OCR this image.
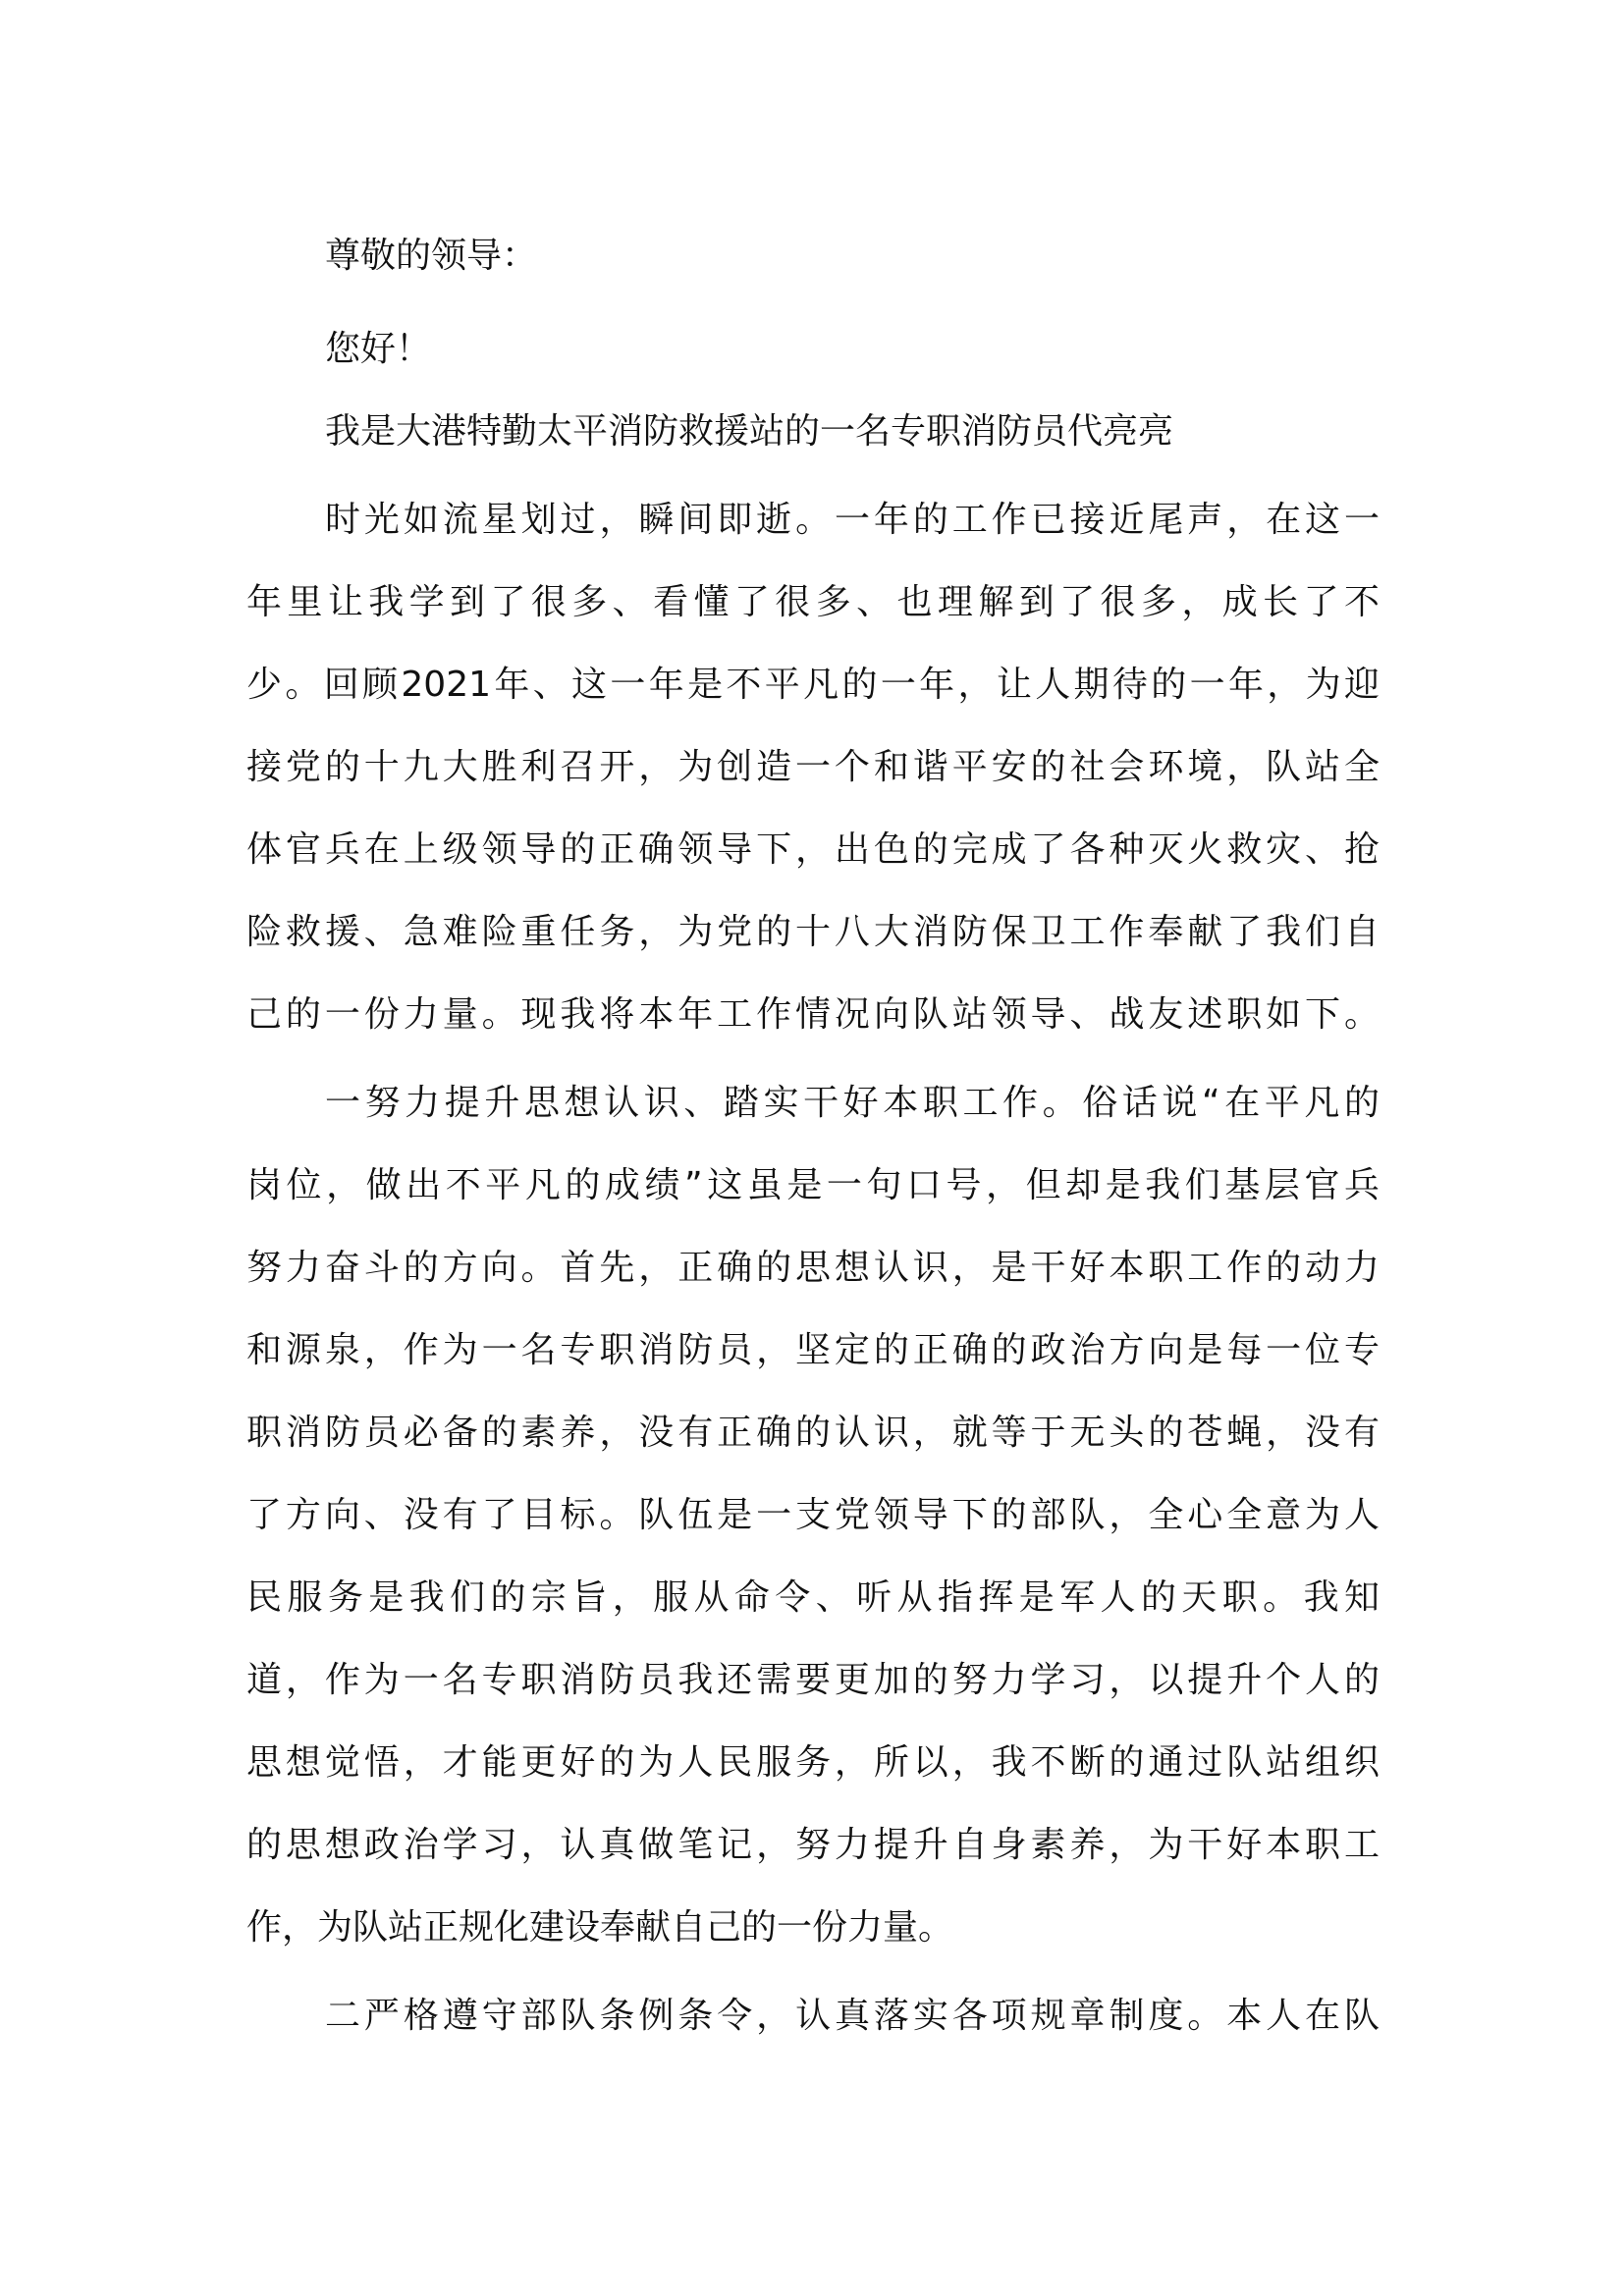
尊敬的领导：

您好！

我是大港特勤太平消防救援站的一名专职消防员代亮亮

时光如流星划过，瞬间即逝。一年的工作已接近尾声，在这一

年里让我学到了很多、看懂了很多、也理解到了很多，成长了不

少。回顾2021年、这一年是不平凡的一年，让人期待的一年，为迎

接党的十九大胜利召开，为创造一个和谐平安的社会环境，队站全

体官兵在上级领导的正确领导下，出色的完成了各种灭火救灾、抢

险救援、急难险重任务，为党的十八大消防保卫工作奉献了我们自

己的一份力量。现我将本年工作情况向队站领导、战友述职如下。

一努力提升思想认识、踏实干好本职工作。俗话说“在平凡的

岗位，做出不平凡的成绩”这虽是一句口号，但却是我们基层官兵

努力奋斗的方向。首先，正确的思想认识，是干好本职工作的动力

和源泉，作为一名专职消防员，坚定的正确的政治方向是每一位专

职消防员必备的素养，没有正确的认识，就等于无头的苍蝇，没有

了方向、没有了目标。队伍是一支党领导下的部队，全心全意为人

民服务是我们的宗旨，服从命令、听从指挥是军人的天职。我知

道，作为一名专职消防员我还需要更加的努力学习，以提升个人的

思想觉悟，才能更好的为人民服务，所以，我不断的通过队站组织

的思想政治学习，认真做笔记，努力提升自身素养，为干好本职工

作，为队站正规化建设奉献自己的一份力量。

二严格遵守部队条例条令，认真落实各项规章制度。本人在队
